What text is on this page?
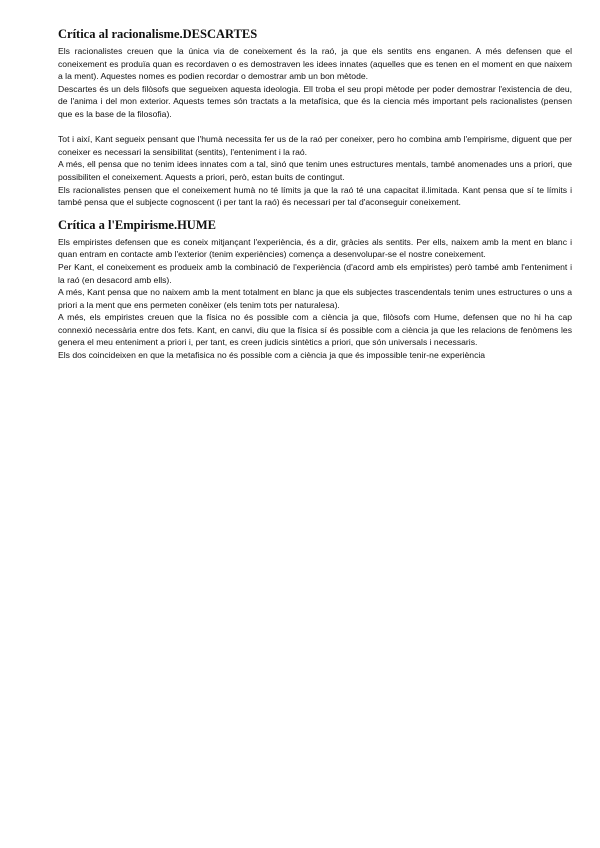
Crítica al racionalisme.DESCARTES

Els racionalistes creuen que la única via de coneixement és la raó, ja que els sentits ens enganen. A més defensen que el coneixement es produïa quan es recordaven o es demostraven les idees innates (aquelles que es tenen en el moment en que naixem a la ment). Aquestes nomes es podien recordar o demostrar amb un bon mètode.

Descartes és un dels filòsofs que segueixen aquesta ideologia. Ell troba el seu propi mètode per poder demostrar l'existencia de deu, de l'anima i del mon exterior. Aquests temes són tractats a la metafísica, que és la ciencia més important pels racionalistes (pensen que es la base de la filosofia).

Tot i així, Kant segueix pensant que l'humà necessita fer us de la raó per coneixer, pero ho combina amb l'empirisme, diguent que per coneixer es necessari la sensibilitat (sentits), l'enteniment i la raó.

A més, ell pensa que no tenim idees innates com a tal, sinó que tenim unes estructures mentals, també anomenades uns a priori, que possibiliten el coneixement. Aquests a priori, però, estan buits de contingut.

Els racionalistes pensen que el coneixement humà no té límits ja que la raó té una capacitat il.limitada. Kant pensa que sí te límits i també pensa que el subjecte cognoscent (i per tant la raó) és necessari per tal d'aconseguir coneixement.

Crítica a l'Empirisme.HUME

Els empiristes defensen que es coneix mitjançant l'experiència, és a dir, gràcies als sentits. Per ells, naixem amb la ment en blanc i quan entram en contacte amb l'exterior (tenim experiències) comença a desenvolupar-se el nostre coneixement.

Per Kant, el coneixement es produeix amb la combinació de l'experiència (d'acord amb els empiristes) però també amb l'enteniment i la raó (en desacord amb ells).

A més, Kant pensa que no naixem amb la ment totalment en blanc ja que els subjectes trascendentals tenim unes estructures o uns a priori a la ment que ens permeten conèixer (els tenim tots per naturalesa).

A més, els empiristes creuen que la física no és possible com a ciència ja que, filòsofs com Hume, defensen que no hi ha cap connexió necessària entre dos fets. Kant, en canvi, diu que la física sí és possible com a ciència ja que les relacions de fenòmens les genera el meu enteniment a priori i, per tant, es creen judicis sintètics a priori, que són universals i necessaris.

Els dos coincideixen en que la metafisica no és possible com a ciència ja que és impossible tenir-ne experiència
